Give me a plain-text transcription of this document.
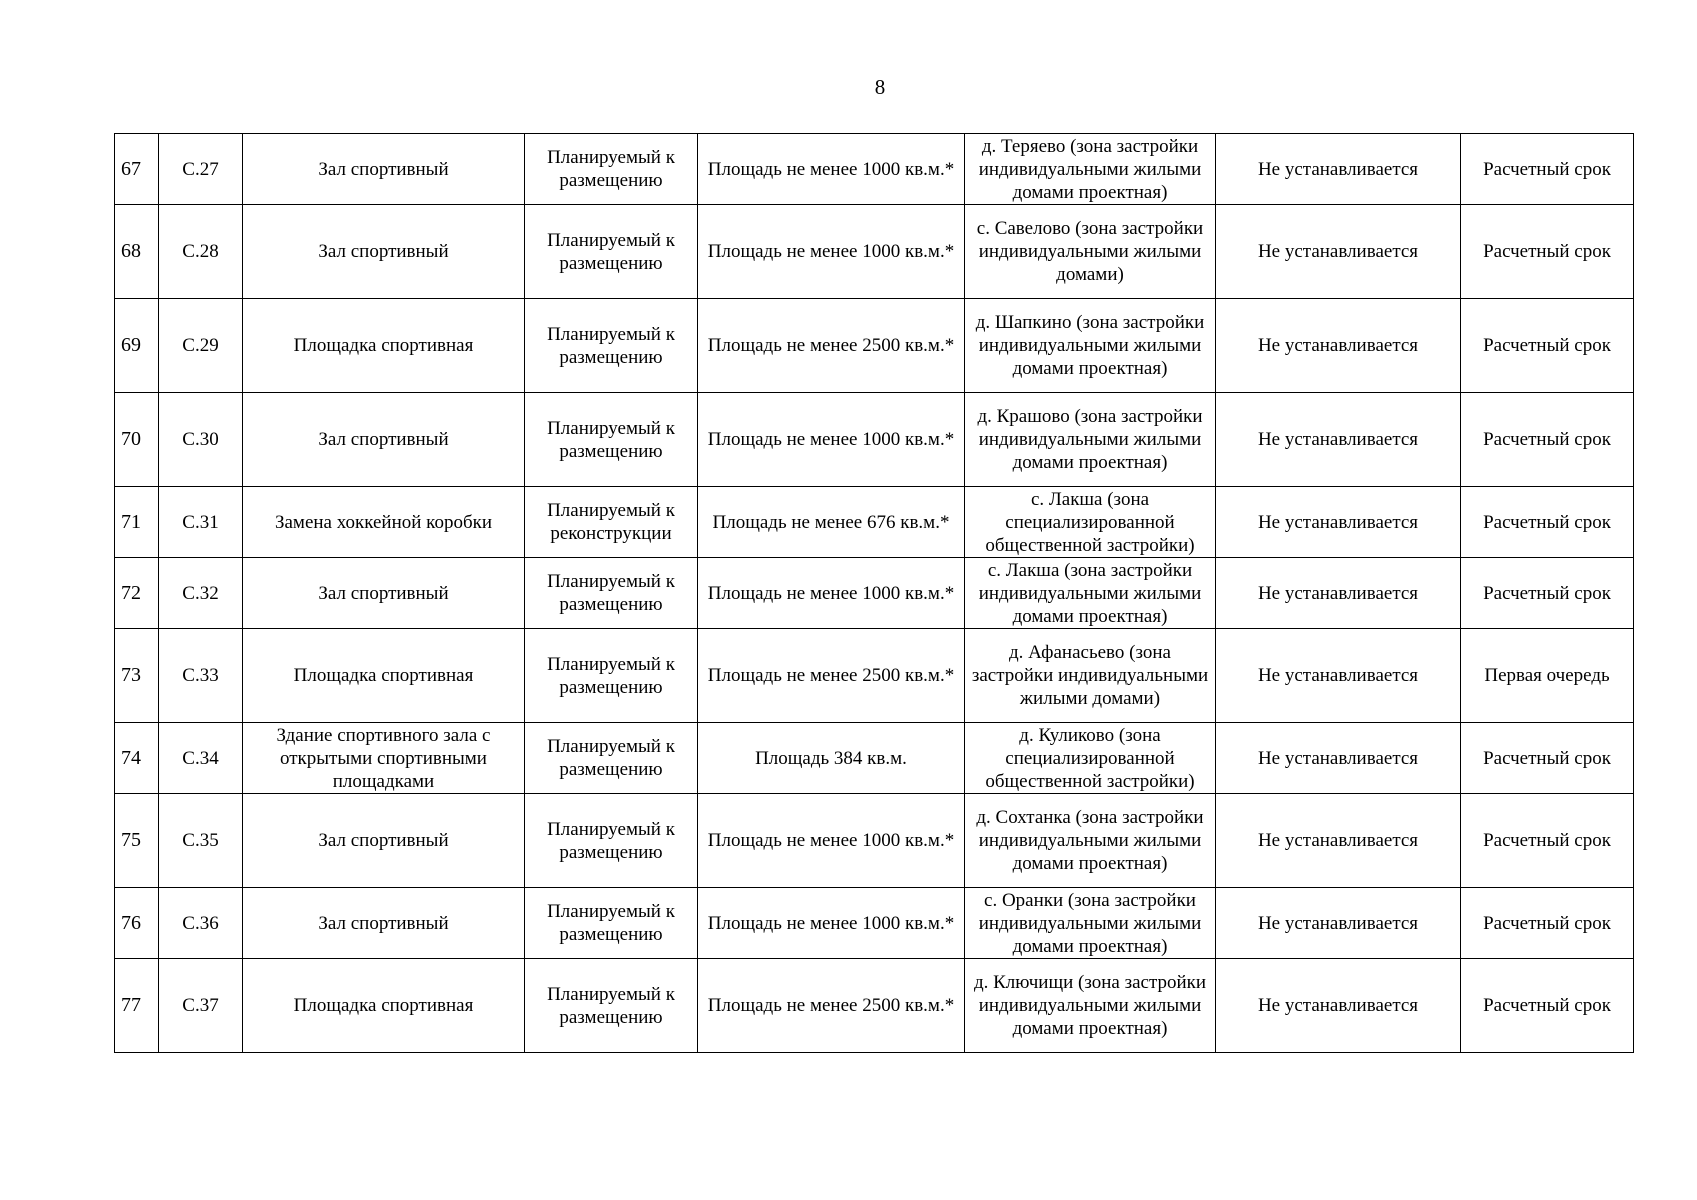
8
67	С.27	Зал спортивный	Планируемый к размещению	Площадь не менее 1000 кв.м.*	д. Теряево (зона застройки индивидуальными жилыми домами проектная)	Не устанавливается	Расчетный срок
68	С.28	Зал спортивный	Планируемый к размещению	Площадь не менее 1000 кв.м.*	с. Савелово (зона застройки индивидуальными жилыми домами)	Не устанавливается	Расчетный срок
69	С.29	Площадка спортивная	Планируемый к размещению	Площадь не менее 2500 кв.м.*	д. Шапкино (зона застройки индивидуальными жилыми домами проектная)	Не устанавливается	Расчетный срок
70	С.30	Зал спортивный	Планируемый к размещению	Площадь не менее 1000 кв.м.*	д. Крашово (зона застройки индивидуальными жилыми домами проектная)	Не устанавливается	Расчетный срок
71	С.31	Замена хоккейной коробки	Планируемый к реконструкции	Площадь не менее 676 кв.м.*	с. Лакша (зона специализированной общественной застройки)	Не устанавливается	Расчетный срок
72	С.32	Зал спортивный	Планируемый к размещению	Площадь не менее 1000 кв.м.*	с. Лакша (зона застройки индивидуальными жилыми домами проектная)	Не устанавливается	Расчетный срок
73	С.33	Площадка спортивная	Планируемый к размещению	Площадь не менее 2500 кв.м.*	д. Афанасьево (зона застройки индивидуальными жилыми домами)	Не устанавливается	Первая очередь
74	С.34	Здание спортивного зала с открытыми спортивными площадками	Планируемый к размещению	Площадь 384 кв.м.	д. Куликово (зона специализированной общественной застройки)	Не устанавливается	Расчетный срок
75	С.35	Зал спортивный	Планируемый к размещению	Площадь не менее 1000 кв.м.*	д. Сохтанка (зона застройки индивидуальными жилыми домами проектная)	Не устанавливается	Расчетный срок
76	С.36	Зал спортивный	Планируемый к размещению	Площадь не менее 1000 кв.м.*	с. Оранки (зона застройки индивидуальными жилыми домами проектная)	Не устанавливается	Расчетный срок
77	С.37	Площадка спортивная	Планируемый к размещению	Площадь не менее 2500 кв.м.*	д. Ключищи (зона застройки индивидуальными жилыми домами проектная)	Не устанавливается	Расчетный срок
